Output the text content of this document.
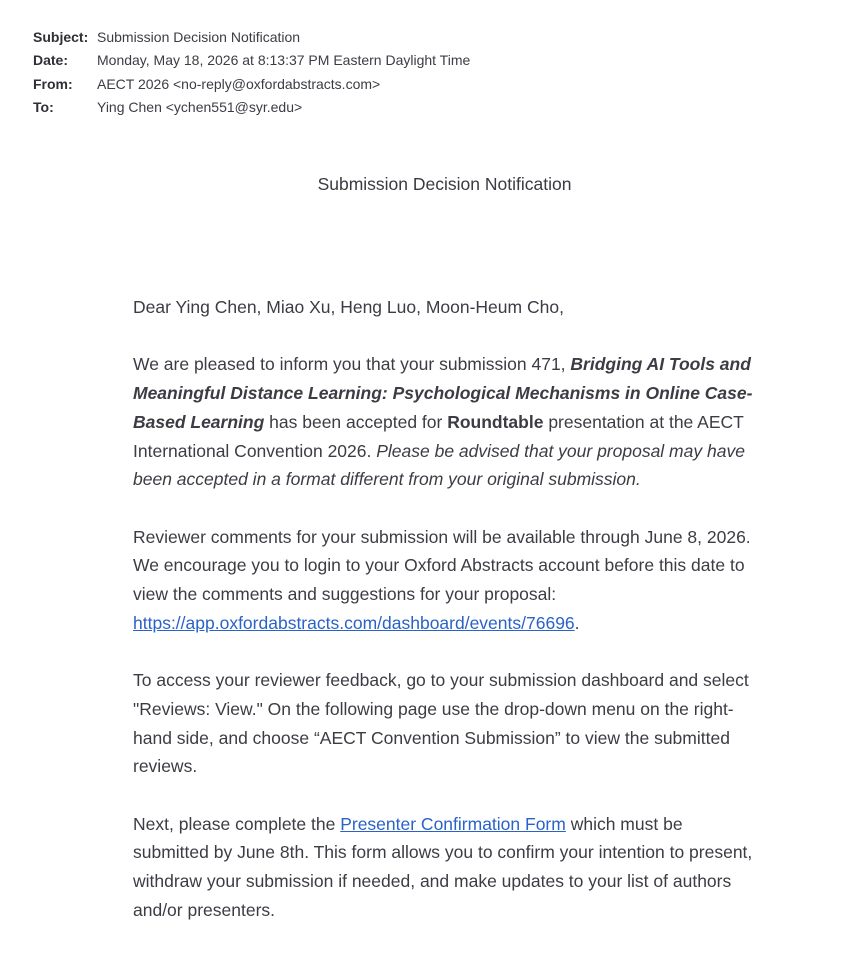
Subject: Submission Decision Notification
Date:	Monday, May 18, 2026 at 8:13:37 PM Eastern Daylight Time
From:	AECT 2026 <no-reply@oxfordabstracts.com>
To:	Ying Chen <ychen551@syr.edu>
Submission Decision Notification

Dear Ying Chen, Miao Xu, Heng Luo, Moon-Heum Cho,

We are pleased to inform you that your submission 471, Bridging AI Tools and Meaningful Distance Learning: Psychological Mechanisms in Online Case-Based Learning has been accepted for Roundtable presentation at the AECT International Convention 2026. Please be advised that your proposal may have been accepted in a format different from your original submission.

Reviewer comments for your submission will be available through June 8, 2026. We encourage you to login to your Oxford Abstracts account before this date to view the comments and suggestions for your proposal: https://app.oxfordabstracts.com/dashboard/events/76696.

To access your reviewer feedback, go to your submission dashboard and select "Reviews: View." On the following page use the drop-down menu on the right-hand side, and choose “AECT Convention Submission” to view the submitted reviews.

Next, please complete the Presenter Confirmation Form which must be submitted by June 8th. This form allows you to confirm your intention to present, withdraw your submission if needed, and make updates to your list of authors and/or presenters.
